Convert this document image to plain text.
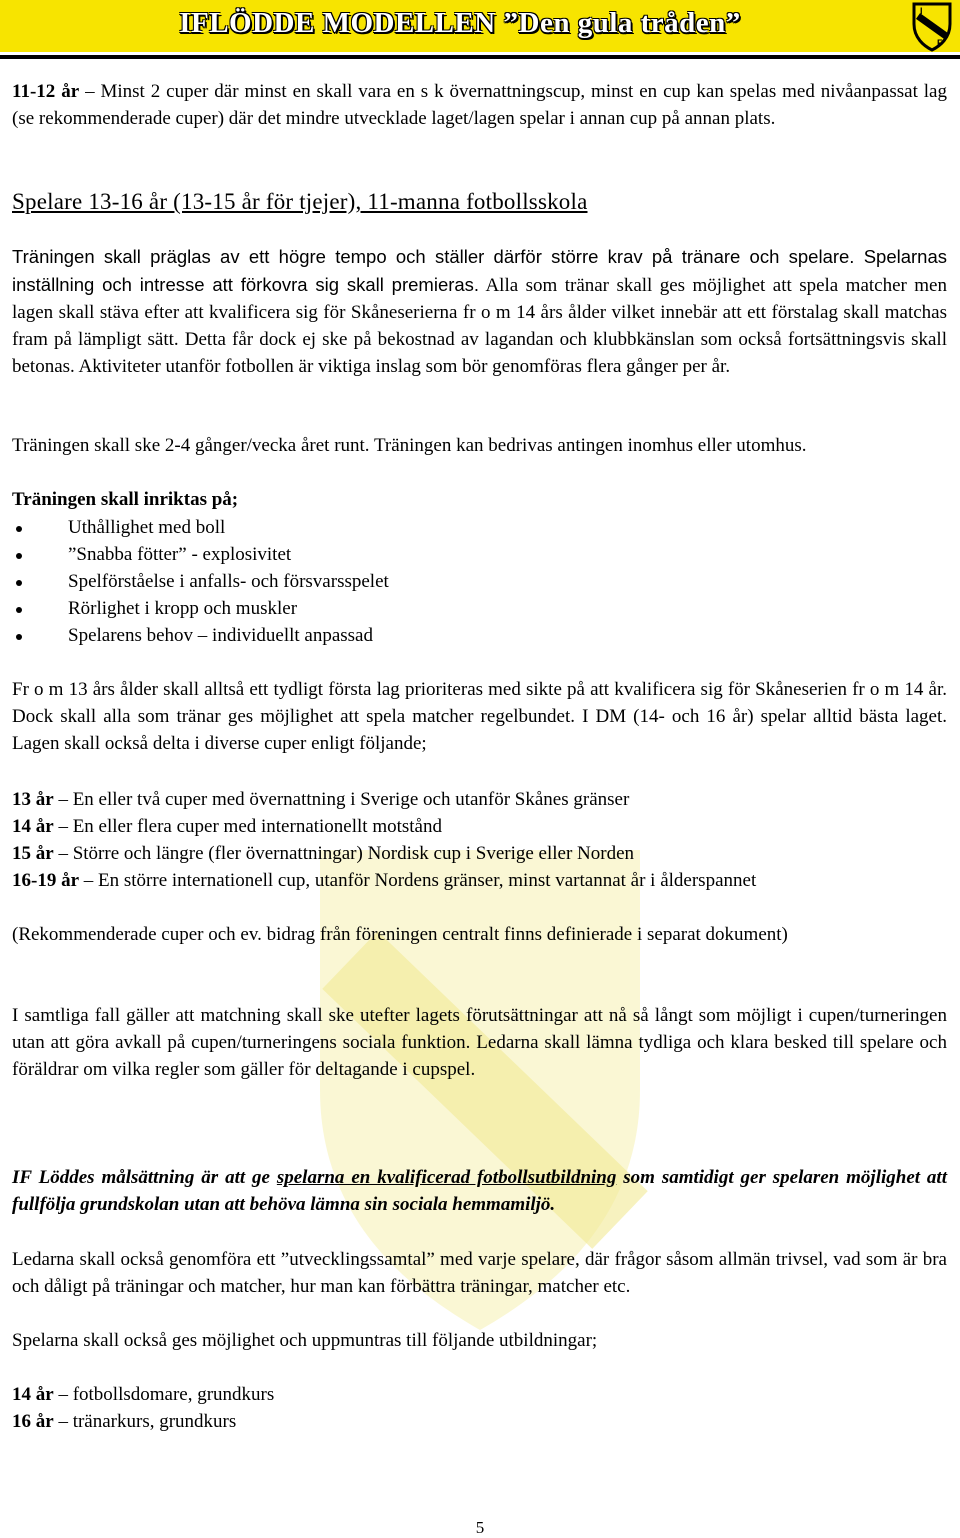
IFLÖDDE MODELLEN ”Den gula tråden”	I
F

11-12 år – Minst 2 cuper där minst en skall vara en s k övernattningscup, minst en cup kan spelas med nivåanpassat lag (se rekommenderade cuper) där det mindre utvecklade laget/lagen spelar i annan cup på annan plats.

Spelare 13-16 år (13-15 år för tjejer), 11-manna fotbollsskola

Träningen skall präglas av ett högre tempo och ställer därför större krav på tränare och spelare. Spelarnas inställning och intresse att förkovra sig skall premieras. Alla som tränar skall ges möjlighet att spela matcher men lagen skall stäva efter att kvalificera sig för Skåneserierna fr o m 14 års ålder vilket innebär att ett förstalag skall matchas fram på lämpligt sätt. Detta får dock ej ske på bekostnad av lagandan och klubbkänslan som också fortsättningsvis skall betonas. Aktiviteter utanför fotbollen är viktiga inslag som bör genomföras flera gånger per år.

Träningen skall ske 2-4 gånger/vecka året runt. Träningen kan bedrivas antingen inomhus eller utomhus.

Träningen skall inriktas på;
Uthållighet med boll
”Snabba fötter” - explosivitet
Spelförståelse i anfalls- och försvarsspelet
Rörlighet i kropp och muskler
Spelarens behov – individuellt anpassad

Fr o m 13 års ålder skall alltså ett tydligt första lag prioriteras med sikte på att kvalificera sig för Skåneserien fr o m 14 år. Dock skall alla som tränar ges möjlighet att spela matcher regelbundet. I DM (14- och 16 år) spelar alltid bästa laget. Lagen skall också delta i diverse cuper enligt följande;

13 år – En eller två cuper med övernattning i Sverige och utanför Skånes gränser
14 år – En eller flera cuper med internationellt motstånd
15 år – Större och längre (fler övernattningar) Nordisk cup i Sverige eller Norden
16-19 år – En större internationell cup, utanför Nordens gränser, minst vartannat år i ålderspannet

(Rekommenderade cuper och ev. bidrag från föreningen centralt finns definierade i separat dokument)

I samtliga fall gäller att matchning skall ske utefter lagets förutsättningar att nå så långt som möjligt i cupen/turneringen utan att göra avkall på cupen/turneringens sociala funktion. Ledarna skall lämna tydliga och klara besked till spelare och föräldrar om vilka regler som gäller för deltagande i cupspel.

IF Löddes målsättning är att ge spelarna en kvalificerad fotbollsutbildning som samtidigt ger spelaren möjlighet att fullfölja grundskolan utan att behöva lämna sin sociala hemmamiljö.

Ledarna skall också genomföra ett ”utvecklingssamtal” med varje spelare, där frågor såsom allmän trivsel, vad som är bra och dåligt på träningar och matcher, hur man kan förbättra träningar, matcher etc.

Spelarna skall också ges möjlighet och uppmuntras till följande utbildningar;

14 år – fotbollsdomare, grundkurs
16 år – tränarkurs, grundkurs
5
